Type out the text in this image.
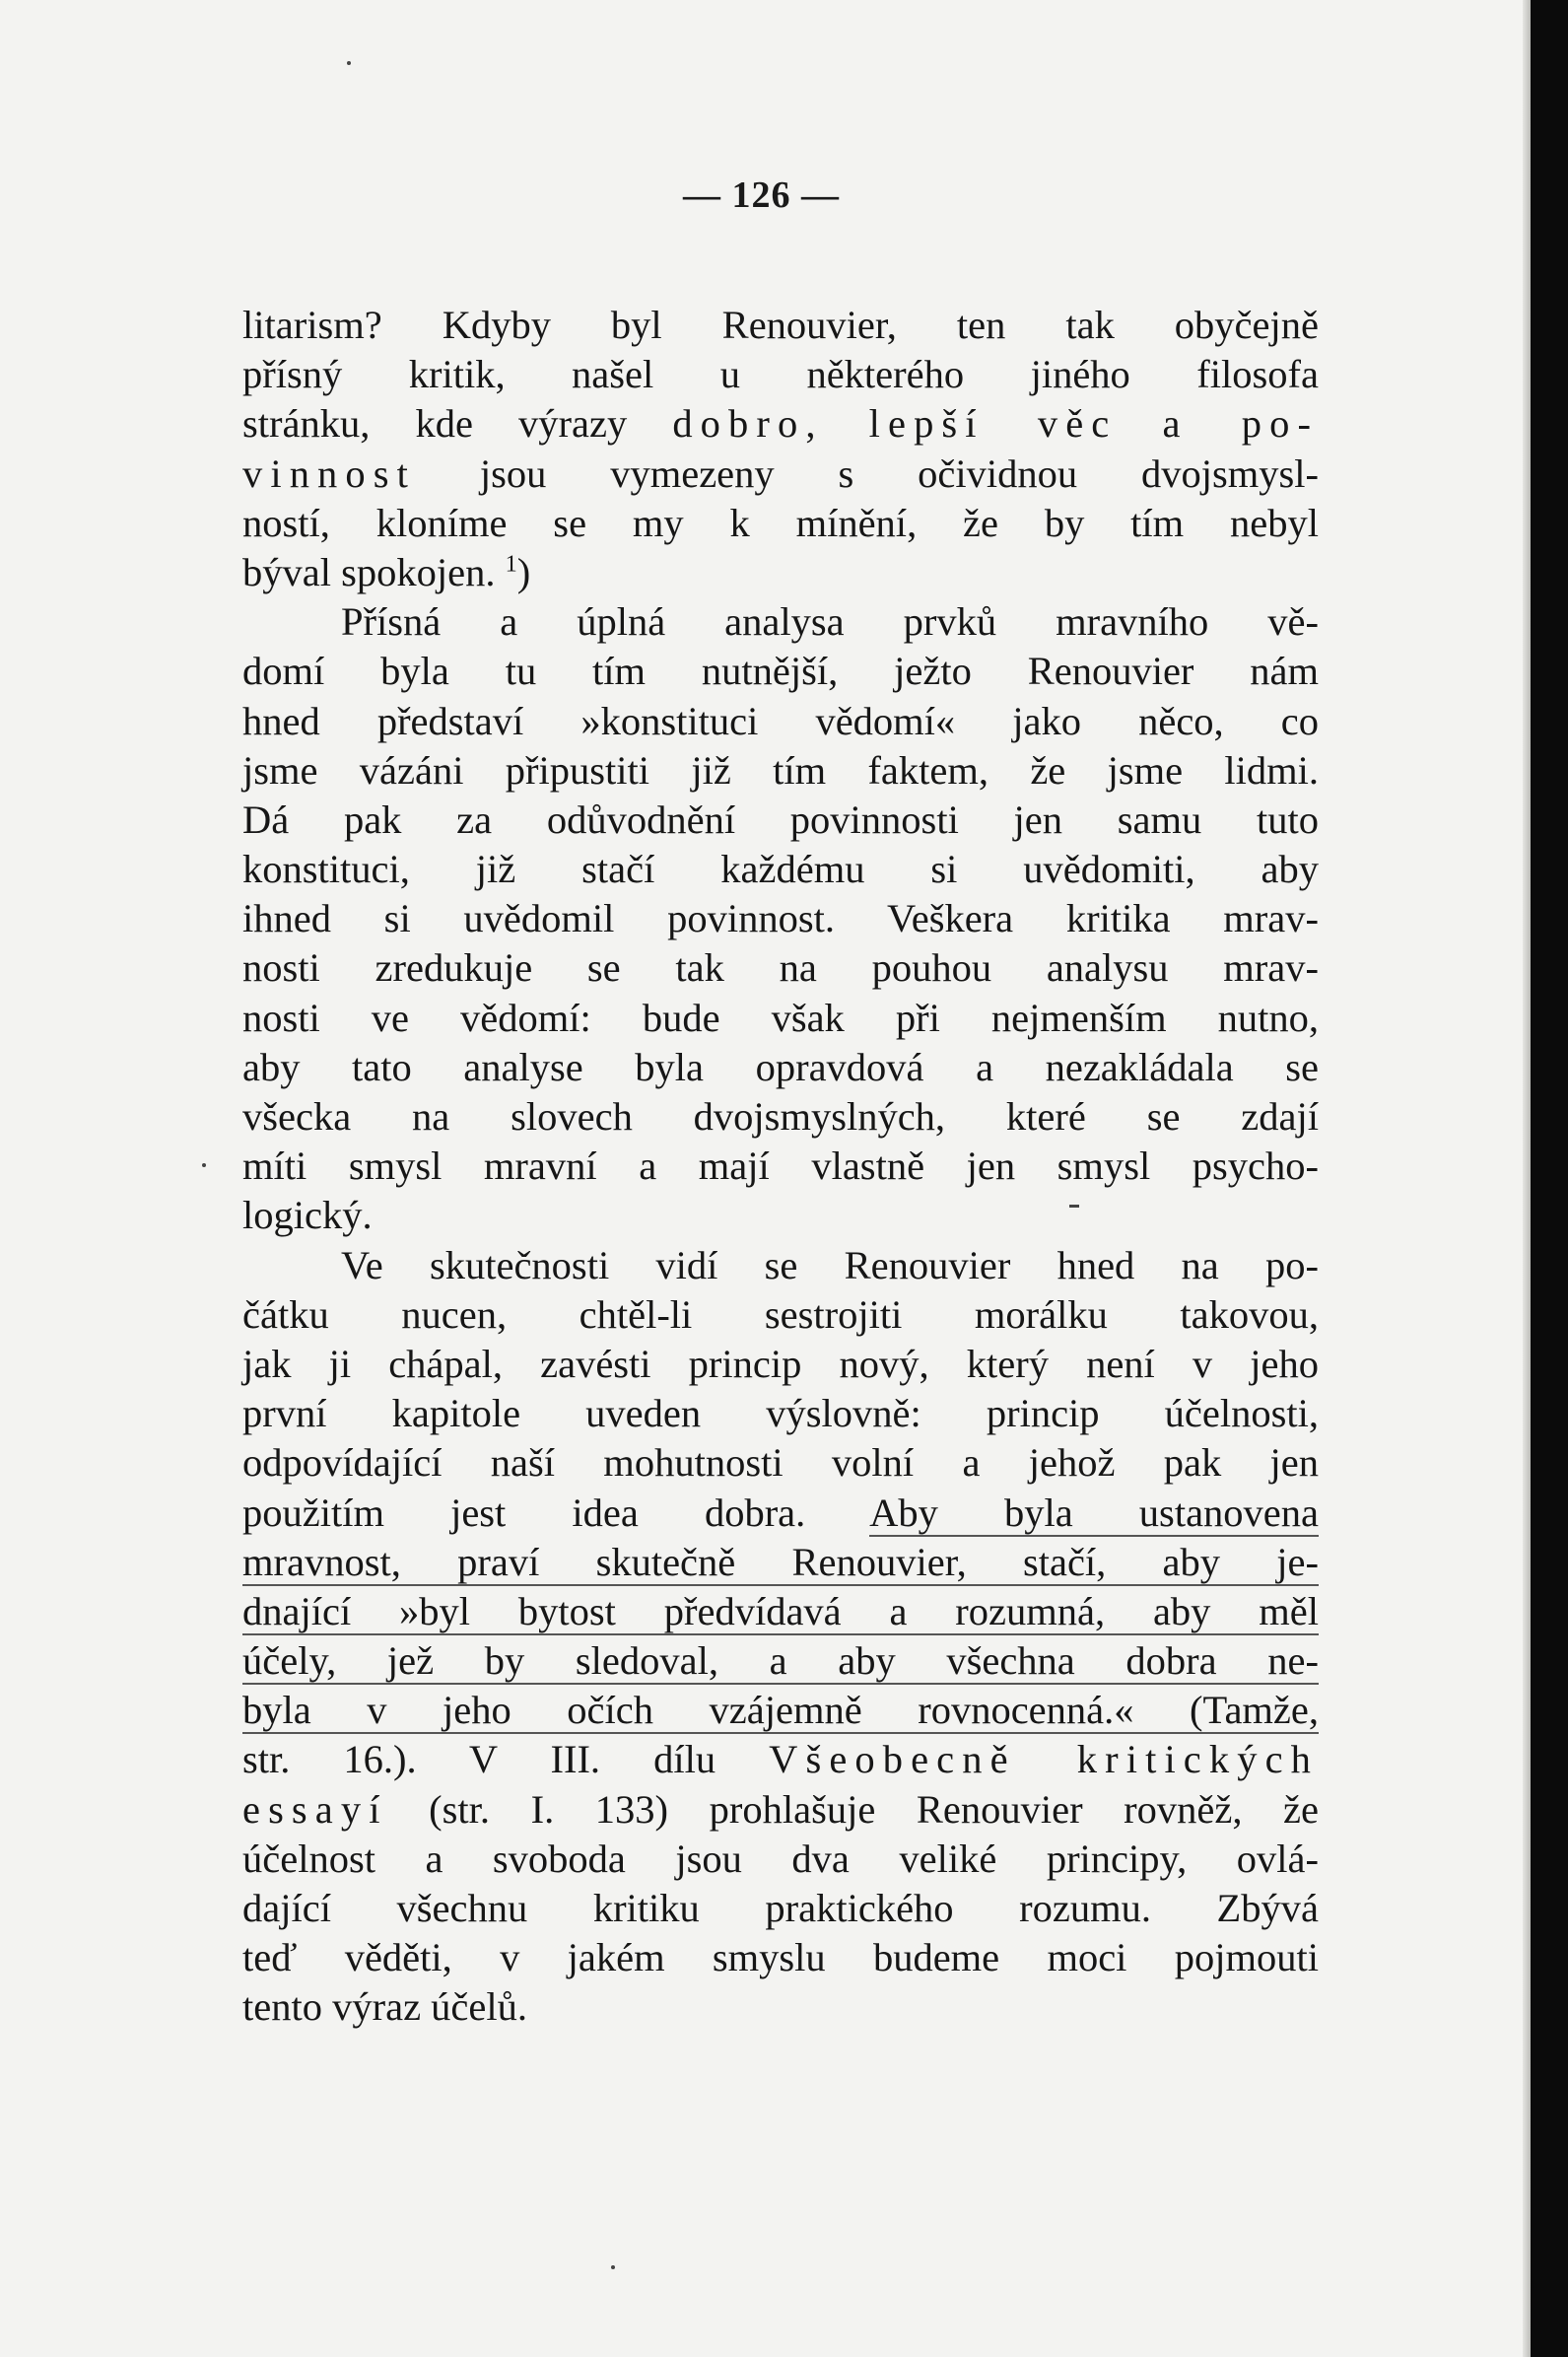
— 126 —
litarism? Kdyby byl Renouvier, ten tak obyčejně
přísný kritik, našel u některého jiného filosofa
stránku, kde výrazy dobro, lepší věc a po-
vinnost jsou vymezeny s očividnou dvojsmysl-
ností, kloníme se my k mínění, že by tím nebyl
býval spokojen. $^1$)
Přísná a úplná analysa prvků mravního vě-
domí byla tu tím nutnější, ježto Renouvier nám
hned představí »konstituci vědomí« jako něco, co
jsme vázáni připustiti již tím faktem, že jsme lidmi.
Dá pak za odůvodnění povinnosti jen samu tuto
konstituci, již stačí každému si uvědomiti, aby
ihned si uvědomil povinnost. Veškera kritika mrav-
nosti zredukuje se tak na pouhou analysu mrav-
nosti ve vědomí: bude však při nejmenším nutno,
aby tato analyse byla opravdová a nezakládala se
všecka na slovech dvojsmyslných, které se zdají
míti smysl mravní a mají vlastně jen smysl psycho-
logický.
Ve skutečnosti vidí se Renouvier hned na po-
čátku nucen, chtěl-li sestrojiti morálku takovou,
jak ji chápal, zavésti princip nový, který není v jeho
první kapitole uveden výslovně: princip účelnosti,
odpovídající naší mohutnosti volní a jehož pak jen
použitím jest idea dobra. Aby byla ustanovena
mravnost, praví skutečně Renouvier, stačí, aby je-
dnající »byl bytost předvídavá a rozumná, aby měl
účely, jež by sledoval, a aby všechna dobra ne-
byla v jeho očích vzájemně rovnocenná.« (Tamže,
str. 16.). V III. dílu Všeobecně kritických
essayí (str. I. 133) prohlašuje Renouvier rovněž, že
účelnost a svoboda jsou dva veliké principy, ovlá-
dající všechnu kritiku praktického rozumu. Zbývá
teď věděti, v jakém smyslu budeme moci pojmouti
tento výraz účelů.
